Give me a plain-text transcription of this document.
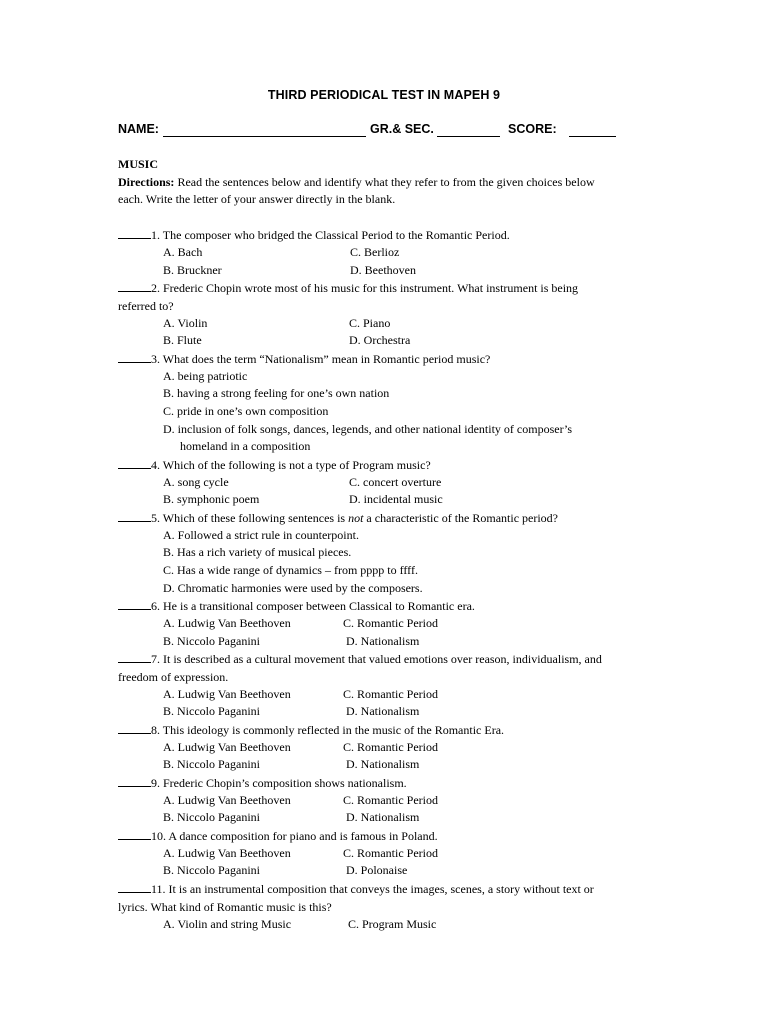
THIRD PERIODICAL TEST IN MAPEH 9
NAME:	GR.& SEC.	SCORE:
MUSIC
Directions: Read the sentences below and identify what they refer to from the given choices below
each. Write the letter of your answer directly in the blank.
1. The composer who bridged the Classical Period to the Romantic Period.
A. Bach	C. Berlioz
B. Bruckner	D. Beethoven
2. Frederic Chopin wrote most of his music for this instrument. What instrument is being
referred to?
A. Violin	C. Piano
B. Flute	D. Orchestra
3. What does the term “Nationalism” mean in Romantic period music?
A. being patriotic
B. having a strong feeling for one’s own nation
C. pride in one’s own composition
D. inclusion of folk songs, dances, legends, and other national identity of composer’s
homeland in a composition
4. Which of the following is not a type of Program music?
A. song cycle	C. concert overture
B. symphonic poem	D. incidental music
5. Which of these following sentences is not a characteristic of the Romantic period?
A. Followed a strict rule in counterpoint.
B. Has a rich variety of musical pieces.
C. Has a wide range of dynamics – from pppp to ffff.
D. Chromatic harmonies were used by the composers.
6. He is a transitional composer between Classical to Romantic era.
A. Ludwig Van Beethoven	C. Romantic Period
B. Niccolo Paganini	D. Nationalism
7. It is described as a cultural movement that valued emotions over reason, individualism, and
freedom of expression.
A. Ludwig Van Beethoven	C. Romantic Period
B. Niccolo Paganini	D. Nationalism
8. This ideology is commonly reflected in the music of the Romantic Era.
A. Ludwig Van Beethoven	C. Romantic Period
B. Niccolo Paganini	D. Nationalism
9. Frederic Chopin’s composition shows nationalism.
A. Ludwig Van Beethoven	C. Romantic Period
B. Niccolo Paganini	D. Nationalism
10. A dance composition for piano and is famous in Poland.
A. Ludwig Van Beethoven	C. Romantic Period
B. Niccolo Paganini	D. Polonaise
11. It is an instrumental composition that conveys the images, scenes, a story without text or
lyrics. What kind of Romantic music is this?
A. Violin and string Music	C. Program Music
